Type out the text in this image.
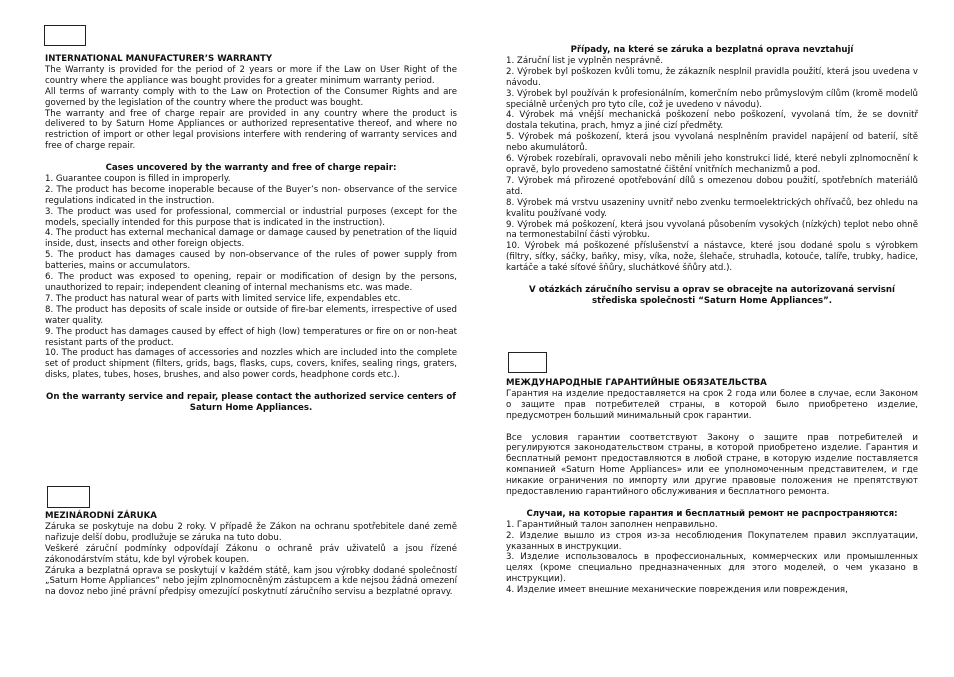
INTERNATIONAL MANUFACTURER’S WARRANTY

The Warranty is provided for the period of 2 years or more if the Law on User Right of the country where the appliance was bought provides for a greater minimum warranty period.

All terms of warranty comply with to the Law on Protection of the Consumer Rights and are governed by the legislation of the country where the product was bought.

The warranty and free of charge repair are provided in any country where the product is delivered to by Saturn Home Appliances or authorized representative thereof, and where no restriction of import or other legal provisions interfere with rendering of warranty services and free of charge repair.

Cases uncovered by the warranty and free of charge repair:

1. Guarantee coupon is filled in improperly.

2. The product has become inoperable because of the Buyer’s non- observance of the service regulations indicated in the instruction.

3. The product was used for professional, commercial or industrial purposes (except for the models, specially intended for this purpose that is indicated in the instruction).

4. The product has external mechanical damage or damage caused by penetration of the liquid inside, dust, insects and other foreign objects.

5. The product has damages caused by non-observance of the rules of power supply from batteries, mains or accumulators.

6. The product was exposed to opening, repair or modification of design by the persons, unauthorized to repair; independent cleaning of internal mechanisms etc. was made.

7. The product has natural wear of parts with limited service life, expendables etc.

8. The product has deposits of scale inside or outside of fire-bar elements, irrespective of used water quality.

9. The product has damages caused by effect of high (low) temperatures or fire on or non-heat resistant parts of the product.

10. The product has damages of accessories and nozzles which are included into the complete set of product shipment (filters, grids, bags, flasks, cups, covers, knifes, sealing rings, graters, disks, plates, tubes, hoses, brushes, and also power cords, headphone cords etc.).

On the warranty service and repair, please contact the authorized service centers of Saturn Home Appliances.

MEZINÁRODNÍ ZÁRUKA

Záruka se poskytuje na dobu 2 roky. V případě že Zákon na ochranu spotřebitele dané země nařizuje delší dobu, prodlužuje se záruka na tuto dobu.

Veškeré záruční podmínky odpovídají Zákonu o ochraně práv uživatelů a jsou řízené zákonodárstvím státu, kde byl výrobek koupen.

Záruka a bezplatná oprava se poskytují v každém státě, kam jsou výrobky dodané společností „Saturn Home Appliances“ nebo jejím zplnomocněným zástupcem a kde nejsou žádná omezení na dovoz nebo jiné právní předpisy omezující poskytnutí záručního servisu a bezplatné opravy.

Případy, na které se záruka a bezplatná oprava nevztahují

1. Záruční list je vyplněn nesprávně.

2. Výrobek byl poškozen kvůli tomu, že zákazník nesplnil pravidla použití, která jsou uvedena v návodu.

3. Výrobek byl používán k profesionálním, komerčním nebo průmyslovým cílům (kromě modelů speciálně určených pro tyto cíle, což je uvedeno v návodu).

4. Výrobek má vnější mechanická poškození nebo poškození, vyvolaná tím, že se dovnitř dostala tekutina, prach, hmyz a jiné cizí předměty.

5. Výrobek má poškození, která jsou vyvolaná nesplněním pravidel napájení od baterií, sítě nebo akumulátorů.

6. Výrobek rozebírali, opravovali nebo měnili jeho konstrukci lidé, které nebyli zplnomocnění k opravě, bylo provedeno samostatné čištění vnitřních mechanizmů a pod.

7. Výrobek má přirozené opotřebování dílů s omezenou dobou použití, spotřebních materiálů atd.

8. Výrobek má vrstvu usazeniny uvnitř nebo zvenku termoelektrických ohřívačů, bez ohledu na kvalitu používané vody.

9. Výrobek má poškození, která jsou vyvolaná působením vysokých (nízkých) teplot nebo ohně na termonestabilní části výrobku.

10. Výrobek má poškozené příslušenství a nástavce, které jsou dodané spolu s výrobkem (filtry, síťky, sáčky, baňky, misy, víka, nože, šlehače, struhadla, kotouče, talíře, trubky, hadice, kartáče a také síťové šňůry, sluchátkové šňůry atd.).

V otázkách záručního servisu a oprav se obracejte na autorizovaná servisní střediska společnosti “Saturn Home Appliances”.

МЕЖДУНАРОДНЫЕ ГАРАНТИЙНЫЕ ОБЯЗАТЕЛЬСТВА

Гарантия на изделие предоставляется на срок 2 года или более в случае, если Законом о защите прав потребителей страны, в которой было приобретено изделие, предусмотрен больший минимальный срок гарантии.

Все условия гарантии соответствуют Закону о защите прав потребителей и регулируются законодательством страны, в которой приобретено изделие. Гарантия и бесплатный ремонт предоставляются в любой стране, в которую изделие поставляется компанией «Saturn Home Appliances» или ее уполномоченным представителем, и где никакие ограничения по импорту или другие правовые положения не препятствуют предоставлению гарантийного обслуживания и бесплатного ремонта.

Случаи, на которые гарантия и бесплатный ремонт не распространяются:

1. Гарантийный талон заполнен неправильно.

2. Изделие вышло из строя из-за несоблюдения Покупателем правил эксплуатации, указанных в инструкции.

3. Изделие использовалось в профессиональных, коммерческих или промышленных целях (кроме специально предназначенных для этого моделей, о чем указано в инструкции).

4. Изделие имеет внешние механические повреждения или повреждения,
